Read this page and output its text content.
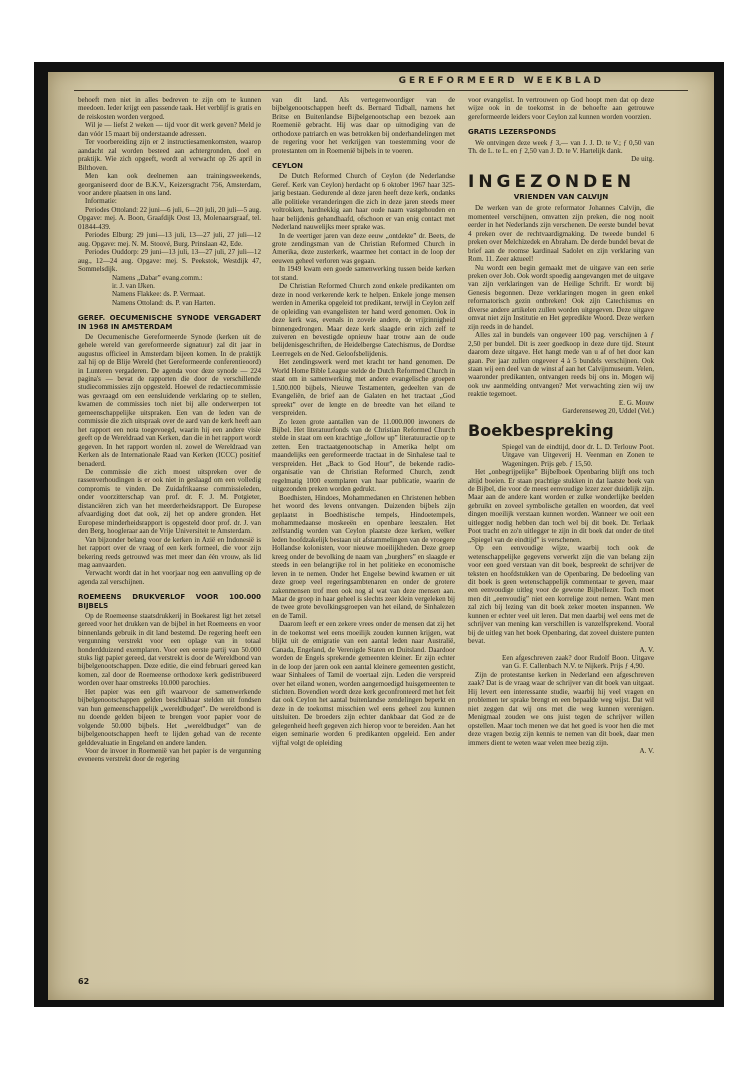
GEREFORMEERD WEEKBLAD

behoeft men niet in alles bedreven te zijn om te kunnen meedoen. Ieder krijgt een passende taak. Het verblijf is gratis en de reiskosten worden vergoed.

Wil je — liefst 2 weken — tijd voor dit werk geven? Meld je dan vóór 15 maart bij onderstaande adressen.

Ter voorbereiding zijn er 2 instructiesamenkomsten, waarop aandacht zal worden besteed aan achtergronden, doel en praktijk. Wie zich opgeeft, wordt al verwacht op 26 april in Bilthoven.

Men kan ook deelnemen aan trainingsweekends, georganiseerd door de B.K.V., Keizersgracht 756, Amsterdam, voor andere plaatsen in ons land.

Informatie:

Periodes Ottoland: 22 juni—6 juli, 6—20 juli, 20 juli—5 aug. Opgave: mej. A. Boon, Graafdijk Oost 13, Molenaarsgraaf, tel. 01844-439.

Periodes Elburg: 29 juni—13 juli, 13—27 juli, 27 juli—12 aug. Opgave: mej. N. M. Stoové, Burg. Prinslaan 42, Ede.

Periodes Ouddorp: 29 juni—13 juli, 13—27 juli, 27 juli—12 aug., 12—24 aug. Opgave: mej. S. Peekstok, Westdijk 47, Sommelsdijk.

Namens „Dabar” evang.comm.:

ir. J. van IJken.

Namens Flakkee: ds. P. Vermaat.

Namens Ottoland: ds. P. van Harten.

GEREF. OECUMENISCHE SYNODE VERGADERT IN 1968 IN AMSTERDAM

De Oecumenische Gereformeerde Synode (kerken uit de gehele wereld van gereformeerde signatuur) zal dit jaar in augustus officieel in Amsterdam bijeen komen. In de praktijk zal hij op de Blije Wereld (het Gereformeerde conferentieoord) in Lunteren vergaderen. De agenda voor deze synode — 224 pagina's — bevat de rapporten die door de verschillende studiecommissies zijn opgesteld. Hoewel de redactiecommissie was gevraagd om een eensluidende verklaring op te stellen, kwamen de commissies toch niet bij alle onderwerpen tot gemeenschappelijke uitspraken. Een van de leden van de commissie die zich uitspraak over de aard van de kerk heeft aan het rapport een nota toegevoegd, waarin hij een andere visie geeft op de Wereldraad van Kerken, dan die in het rapport wordt gegeven. In het rapport worden nl. zowel de Wereldraad van Kerken als de Internationale Raad van Kerken (ICCC) positief benaderd.

De commissie die zich moest uitspreken over de rassenverhoudingen is er ook niet in geslaagd om een volledig compromis te vinden. De Zuidafrikaanse commissieleden, onder voorzitterschap van prof. dr. F. J. M. Potgieter, distanciëren zich van het meerderheidsrapport. De Europese afvaardiging doet dat ook, zij het op andere gronden. Het Europese minderheidsrapport is opgesteld door prof. dr. J. van den Berg, hoogleraar aan de Vrije Universiteit te Amsterdam.

Van bijzonder belang voor de kerken in Azië en Indonesië is het rapport over de vraag of een kerk formeel, die voor zijn bekering reeds getrouwd was met meer dan één vrouw, als lid mag aanvaarden.

Verwacht wordt dat in het voorjaar nog een aanvulling op de agenda zal verschijnen.

ROEMEENS DRUKVERLOF VOOR 100.000 BIJBELS

Op de Roemeense staatsdrukkerij in Boekarest ligt het zetsel gereed voor het drukken van de bijbel in het Roemeens en voor binnenlands gebruik in dit land bestemd. De regering heeft een vergunning verstrekt voor een oplage van in totaal honderdduizend exemplaren. Voor een eerste partij van 50.000 stuks ligt papier gereed, dat verstrekt is door de Wereldbond van bijbelgenootschappen. Deze editie, die eind februari gereed kan komen, zal door de Roemeense orthodoxe kerk gedistribueerd worden over haar omstreeks 10.000 parochies.

Het papier was een gift waarvoor de samenwerkende bijbelgenootschappen gelden beschikbaar stelden uit fondsen van hun gemeenschappelijk „wereldbudget”. De wereldbond is nu doende gelden bijeen te brengen voor papier voor de volgende 50.000 bijbels. Het „wereldbudget” van de bijbelgenootschappen heeft te lijden gehad van de recente gelddevaluatie in Engeland en andere landen.

Voor de invoer in Roemenië van het papier is de vergunning eveneens verstrekt door de regering

van dit land. Als vertegenwoordiger van de bijbelgenootschappen heeft ds. Bernard Tidball, namens het Britse en Buitenlandse Bijbelgenootschap een bezoek aan Roemenië gebracht. Hij was daar op uitnodiging van de orthodoxe patriarch en was betrokken bij onderhandelingen met de regering voor het verkrijgen van toestemming voor de protestanten om in Roemenië bijbels in te voeren.

CEYLON

De Dutch Reformed Church of Ceylon (de Nederlandse Geref. Kerk van Ceylon) herdacht op 6 oktober 1967 haar 325-jarig bestaan. Gedurende al deze jaren heeft deze kerk, ondanks alle politieke veranderingen die zich in deze jaren steeds meer voltrokken, hardnekkig aan haar oude naam vastgehouden en haar belijdenis gehandhaafd, ofschoon er van enig contact met Nederland nauwelijks meer sprake was.

In de veertiger jaren van deze eeuw „ontdekte” dr. Beets, de grote zendingsman van de Christian Reformed Church in Amerika, deze zusterkerk, waarmee het contact in de loop der eeuwen geheel verloren was gegaan.

In 1949 kwam een goede samenwerking tussen beide kerken tot stand.

De Christian Reformed Church zond enkele predikanten om deze in nood verkerende kerk te helpen. Enkele jonge mensen werden in Amerika opgeleid tot predikant, terwijl in Ceylon zelf de opleiding van evangelisten ter hand werd genomen. Ook in deze kerk was, evenals in zovele andere, de vrijzinnigheid binnengedrongen. Maar deze kerk slaagde erin zich zelf te zuiveren en bevestigde opnieuw haar trouw aan de oude belijdenisgeschriften, de Heidelbergse Catechismus, de Dordtse Leerregels en de Ned. Geloofsbelijdenis.

Het zendingswerk werd met kracht ter hand genomen. De World Home Bible League stelde de Dutch Reformed Church in staat om in samenwerking met andere evangelische groepen 1.500.000 bijbels, Nieuwe Testamenten, gedeelten van de Evangeliën, de brief aan de Galaten en het tractaat „God spreekt” over de lengte en de breedte van het eiland te verspreiden.

Zo lezen grote aantallen van de 11.000.000 inwoners de Bijbel. Het literatuurfonds van de Christian Reformed Church stelde in staat om een krachtige „follow up” literatuuractie op te zetten. Een tractaatgenootschap in Amerika helpt om maandelijks een gereformeerde tractaat in de Sinhalese taal te verspreiden. Het „Back to God Hour”, de bekende radio-organisatie van de Christian Reformed Church, zendt regelmatig 1000 exemplaren van haar publicatie, waarin de uitgezonden preken worden gedrukt.

Boedhisten, Hindoes, Mohammedanen en Christenen hebben het woord des levens ontvangen. Duizenden bijbels zijn geplaatst in Boedhistische tempels, Hindoetempels, mohammedaanse moskeeën en openbare leeszalen. Het zelfstandig worden van Ceylon plaatste deze kerken, welker leden hoofdzakelijk bestaan uit afstammelingen van de vroegere Hollandse kolonisten, voor nieuwe moeilijkheden. Deze groep kreeg onder de bevolking de naam van „burghers” en slaagde er steeds in een belangrijke rol in het politieke en economische leven in te nemen. Onder het Engelse bewind kwamen er uit deze groep veel regeringsambtenaren en onder de grotere zakenmensen trof men ook nog al wat van deze mensen aan. Maar de groep in haar geheel is slechts zeer klein vergeleken bij de twee grote bevolkingsgroepen van het eiland, de Sinhalezen en de Tamil.

Daarom leeft er een zekere vrees onder de mensen dat zij het in de toekomst wel eens moeilijk zouden kunnen krijgen, wat blijkt uit de emigratie van een aantal leden naar Australië, Canada, Engeland, de Verenigde Staten en Duitsland. Daardoor worden de Engels sprekende gemeenten kleiner. Er zijn echter in de loop der jaren ook een aantal kleinere gemeenten gesticht, waar Sinhalees of Tamil de voertaal zijn. Leden die verspreid over het eiland wonen, worden aangemoedigd huisgemeenten te stichten. Bovendien wordt deze kerk geconfronteerd met het feit dat ook Ceylon het aantal buitenlandse zendelingen beperkt en deze in de toekomst misschien wel eens geheel zou kunnen uitsluiten. De broeders zijn echter dankbaar dat God ze de gelegenheid heeft gegeven zich hierop voor te bereiden. Aan het eigen seminarie worden 6 predikanten opgeleid. Een ander vijftal volgt de opleiding

voor evangelist. In vertrouwen op God hoopt men dat op deze wijze ook in de toekomst in de behoefte aan getrouwe gereformeerde leiders voor Ceylon zal kunnen worden voorzien.

GRATIS LEZERSPONDS

We ontvingen deze week ƒ 3,— van J. J. D. te V.; ƒ 0,50 van Th. de L. te L. en ƒ 2,50 van J. D. te V. Hartelijk dank.

De uitg.

INGEZONDEN
VRIENDEN VAN CALVIJN

De werken van de grote reformator Johannes Calvijn, die momenteel verschijnen, omvatten zijn preken, die nog nooit eerder in het Nederlands zijn verschenen. De eerste bundel bevat 4 preken over de rechtvaardigmaking. De tweede bundel 6 preken over Melchizedek en Abraham. De derde bundel bevat de brief aan de roomse kardinaal Sadolet en zijn verklaring van Rom. 11. Zeer aktueel!

Nu wordt een begin gemaakt met de uitgave van een serie preken over Job. Ook wordt spoedig aangevangen met de uitgave van zijn verklaringen van de Heilige Schrift. Er wordt bij Genesis begonnen. Deze verklaringen mogen in geen enkel reformatorisch gezin ontbreken! Ook zijn Catechismus en diverse andere artikelen zullen worden uitgegeven. Deze uitgave omvat niet zijn Institutie en Het gepredikte Woord. Deze werken zijn reeds in de handel.

Alles zal in bundels van ongeveer 100 pag. verschijnen à ƒ 2,50 per bundel. Dit is zeer goedkoop in deze dure tijd. Steunt daarom deze uitgave. Het hangt mede van u af of het door kan gaan. Per jaar zullen ongeveer 4 à 5 bundels verschijnen. Ook staan wij een deel van de winst af aan het Calvijnmuseum. Velen, waaronder predikanten, ontvangen reeds bij ons in. Mogen wij ook uw aanmelding ontvangen? Met verwachting zien wij uw reaktie tegemoet.

E. G. Mouw

Garderenseweg 20, Uddel (Vel.)

Boekbespreking

Spiegel van de eindtijd, door dr. L. D. Terlouw Poot. Uitgave van Uitgeverij H. Veenman en Zonen te Wageningen. Prijs geb. ƒ 15,50.

Het „onbegrijpelijke” Bijbelboek Openbaring blijft ons toch altijd boeien. Er staan prachtige stukken in dat laatste boek van de Bijbel, die voor de meest eenvoudige lezer zeer duidelijk zijn. Maar aan de andere kant worden er zulke wonderlijke beelden gebruikt en zoveel symbolische getallen en woorden, dat veel dingen moeilijk verstaan kunnen worden. Wanneer we ooit een uitlegger nodig hebben dan toch wel bij dit boek. Dr. Terlaak Poot tracht en zo'n uitlegger te zijn in dit boek dat onder de titel „Spiegel van de eindtijd” is verschenen.

Op een eenvoudige wijze, waarbij toch ook de wetenschappelijke gegevens verwerkt zijn die van belang zijn voor een goed verstaan van dit boek, bespreekt de schrijver de teksten en hoofdstukken van de Openbaring. De bedoeling van dit boek is geen wetenschappelijk commentaar te geven, maar een eenvoudige uitleg voor de gewone Bijbellezer. Toch moet men dit „eenvoudig” niet een korrelige zout nemen. Want men zal zich bij lezing van dit boek zeker moeten inspannen. We kunnen er echter veel uit leren. Dat men daarbij wel eens met de schrijver van mening kan verschillen is vanzelfsprekend. Vooral bij de uitleg van het boek Openbaring, dat zoveel duistere punten bevat.

A. V.

Een afgeschreven zaak? door Rudolf Boon. Uitgave van G. F. Callenbach N.V. te Nijkerk. Prijs ƒ 4,90.

Zijn de protestantse kerken in Nederland een afgeschreven zaak? Dat is de vraag waar de schrijver van dit boek van uitgaat. Hij levert een interessante studie, waarbij hij veel vragen en problemen ter sprake brengt en een bepaalde weg wijst. Dat wil niet zeggen dat wij ons met die weg kunnen verenigen. Menigmaal zouden we ons juist tegen de schrijver willen opstellen. Maar toch menen we dat het goed is voor hen die met deze vragen bezig zijn kennis te nemen van dit boek, daar men immers dient te weten waar velen mee bezig zijn.

A. V.

62
